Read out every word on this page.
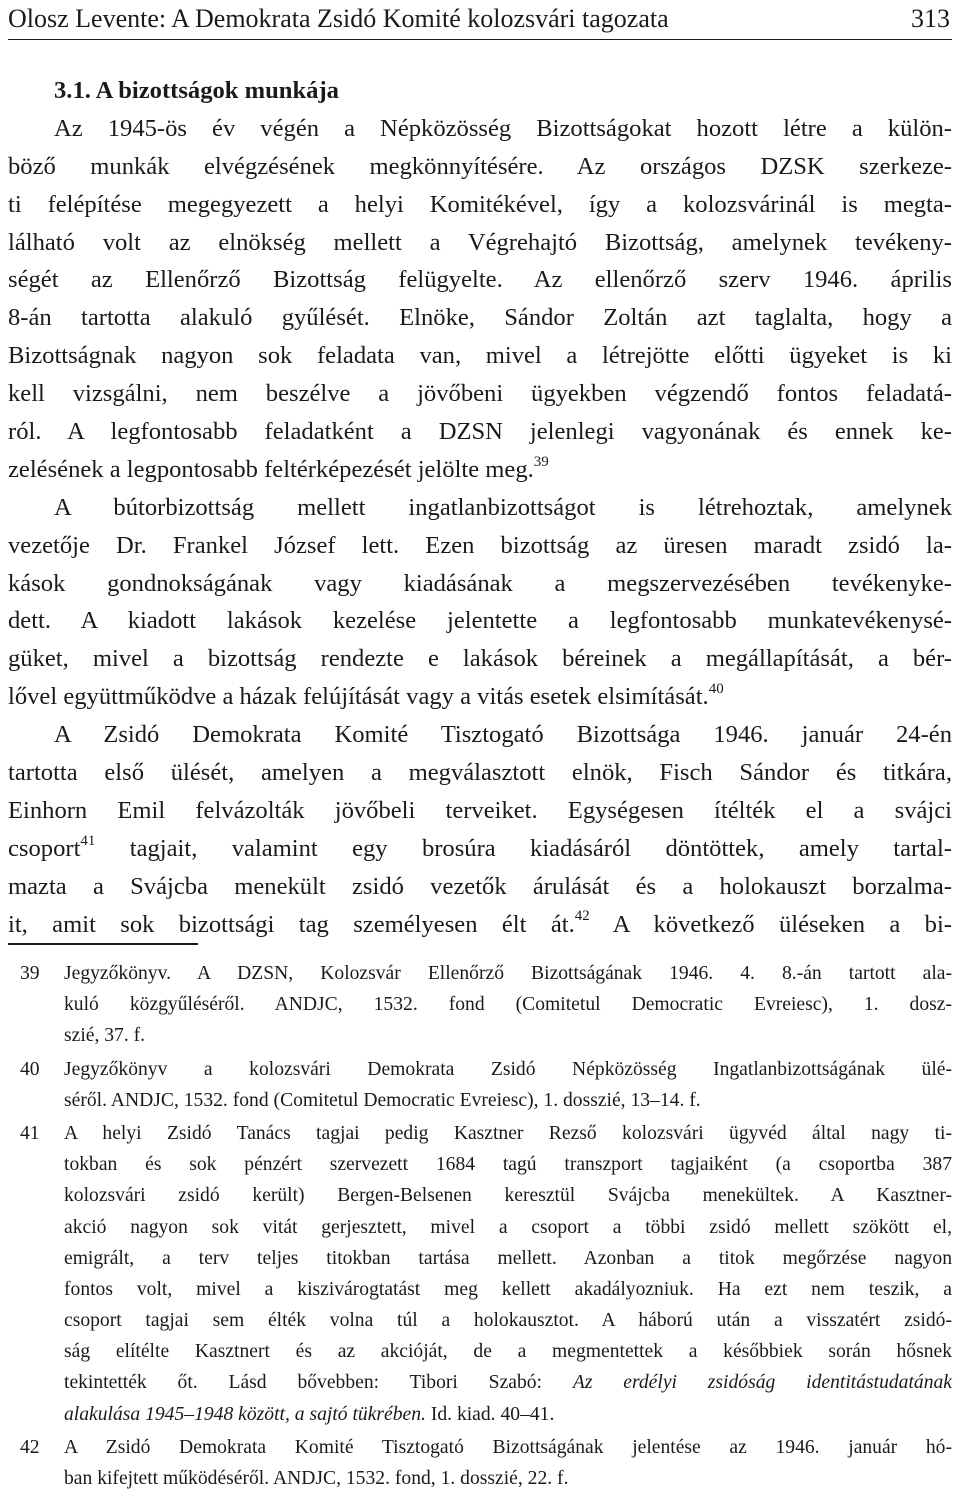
Olosz Levente: A Demokrata Zsidó Komité kolozsvári tagozata	313
3.1. A bizottságok munkája
Az 1945-ös év végén a Népközösség Bizottságokat hozott létre a külön-
böző munkák elvégzésének megkönnyítésére. Az országos DZSK szerkeze-
ti felépítése megegyezett a helyi Komitékével, így a kolozsvárinál is megta-
lálható volt az elnökség mellett a Végrehajtó Bizottság, amelynek tevékeny-
ségét az Ellenőrző Bizottság felügyelte. Az ellenőrző szerv 1946. április
8-án tartotta alakuló gyűlését. Elnöke, Sándor Zoltán azt taglalta, hogy a
Bizottságnak nagyon sok feladata van, mivel a létrejötte előtti ügyeket is ki
kell vizsgálni, nem beszélve a jövőbeni ügyekben végzendő fontos feladatá-
ról. A legfontosabb feladatként a DZSN jelenlegi vagyonának és ennek ke-
zelésének a legpontosabb feltérképezését jelölte meg.$^{39}$
A bútorbizottság mellett ingatlanbizottságot is létrehoztak, amelynek
vezetője Dr. Frankel József lett. Ezen bizottság az üresen maradt zsidó la-
kások gondnokságának vagy kiadásának a megszervezésében tevékenyke-
dett. A kiadott lakások kezelése jelentette a legfontosabb munkatevékenysé-
güket, mivel a bizottság rendezte e lakások béreinek a megállapítását, a bér-
lővel együttműködve a házak felújítását vagy a vitás esetek elsimítását.$^{40}$
A Zsidó Demokrata Komité Tisztogató Bizottsága 1946. január 24-én
tartotta első ülését, amelyen a megválasztott elnök, Fisch Sándor és titkára,
Einhorn Emil felvázolták jövőbeli terveiket. Egységesen ítélték el a svájci
csoport$^{41}$ tagjait, valamint egy brosúra kiadásáról döntöttek, amely tartal-
mazta a Svájcba menekült zsidó vezetők árulását és a holokauszt borzalma-
it, amit sok bizottsági tag személyesen élt át.$^{42}$ A következő üléseken a bi-
39 Jegyzőkönyv. A DZSN, Kolozsvár Ellenőrző Bizottságának 1946. 4. 8.-án tartott ala-
kuló közgyűléséről. ANDJC, 1532. fond (Comitetul Democratic Evreiesc), 1. dosz-
szié, 37. f.
40 Jegyzőkönyv a kolozsvári Demokrata Zsidó Népközösség Ingatlanbizottságának ülé-
séről. ANDJC, 1532. fond (Comitetul Democratic Evreiesc), 1. dosszié, 13–14. f.
41 A helyi Zsidó Tanács tagjai pedig Kasztner Rezső kolozsvári ügyvéd által nagy ti-
tokban és sok pénzért szervezett 1684 tagú transzport tagjaiként (a csoportba 387
kolozsvári zsidó került) Bergen-Belsenen keresztül Svájcba menekültek. A Kasztner-
akció nagyon sok vitát gerjesztett, mivel a csoport a többi zsidó mellett szökött el,
emigrált, a terv teljes titokban tartása mellett. Azonban a titok megőrzése nagyon
fontos volt, mivel a kiszivárogtatást meg kellett akadályozniuk. Ha ezt nem teszik, a
csoport tagjai sem élték volna túl a holokausztot. A háború után a visszatért zsidó-
ság elítélte Kasztnert és az akcióját, de a megmentettek a későbbiek során hősnek
tekintették őt. Lásd bővebben: Tibori Szabó: Az erdélyi zsidóság identitástudatának
alakulása 1945–1948 között, a sajtó tükrében. Id. kiad. 40–41.
42 A Zsidó Demokrata Komité Tisztogató Bizottságának jelentése az 1946. január hó-
ban kifejtett működéséről. ANDJC, 1532. fond, 1. dosszié, 22. f.
